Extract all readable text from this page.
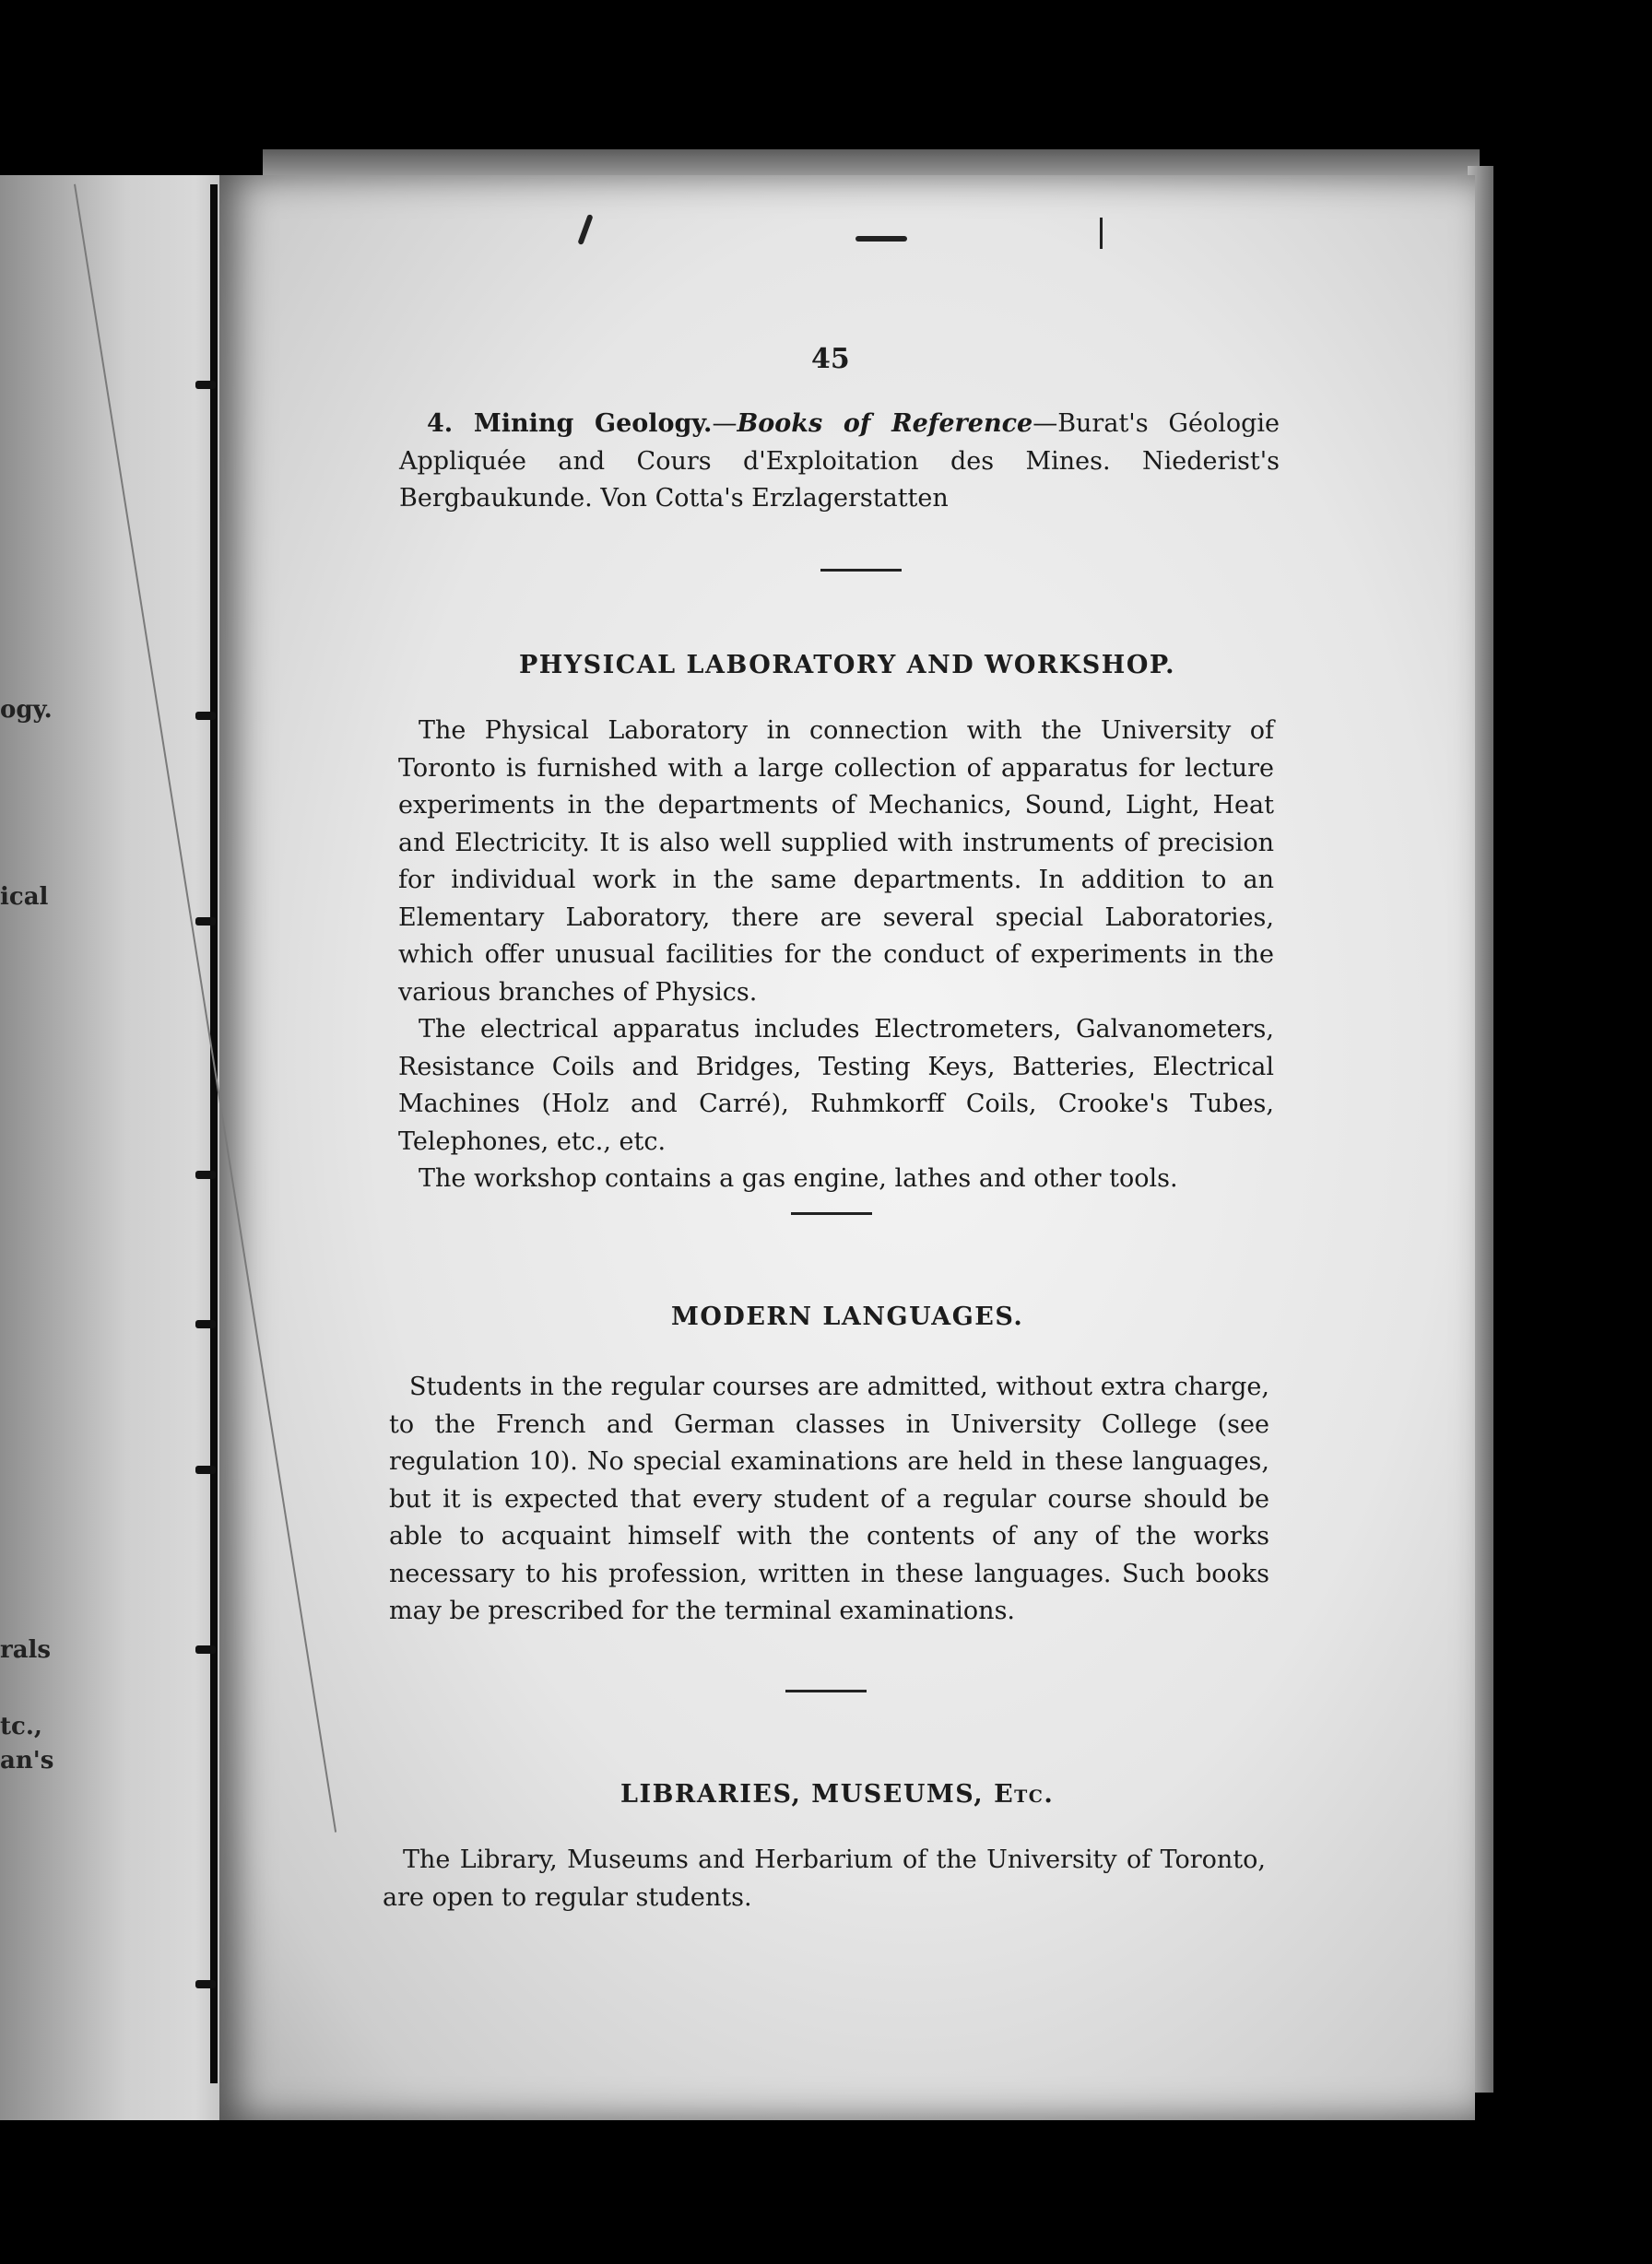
ogy.
ical
rals
tc.,
an's
45

4. Mining Geology.—Books of Reference—Burat's Géologie Appliquée and Cours d'Exploitation des Mines. Niederist's Bergbaukunde. Von Cotta's Erzlagerstatten

PHYSICAL LABORATORY AND WORKSHOP.

The Physical Laboratory in connection with the University of Toronto is furnished with a large collection of apparatus for lecture experiments in the departments of Mechanics, Sound, Light, Heat and Electricity. It is also well supplied with instruments of precision for individual work in the same departments. In addition to an Elementary Laboratory, there are several special Laboratories, which offer unusual facilities for the conduct of experiments in the various branches of Physics.

The electrical apparatus includes Electrometers, Galvanometers, Resistance Coils and Bridges, Testing Keys, Batteries, Electrical Machines (Holz and Carré), Ruhmkorff Coils, Crooke's Tubes, Telephones, etc., etc.

The workshop contains a gas engine, lathes and other tools.

MODERN LANGUAGES.

Students in the regular courses are admitted, without extra charge, to the French and German classes in University College (see regulation 10). No special examinations are held in these languages, but it is expected that every student of a regular course should be able to acquaint himself with the contents of any of the works necessary to his profession, written in these languages. Such books may be prescribed for the terminal examinations.

LIBRARIES, MUSEUMS, Etc.

The Library, Museums and Herbarium of the University of Toronto, are open to regular students.
